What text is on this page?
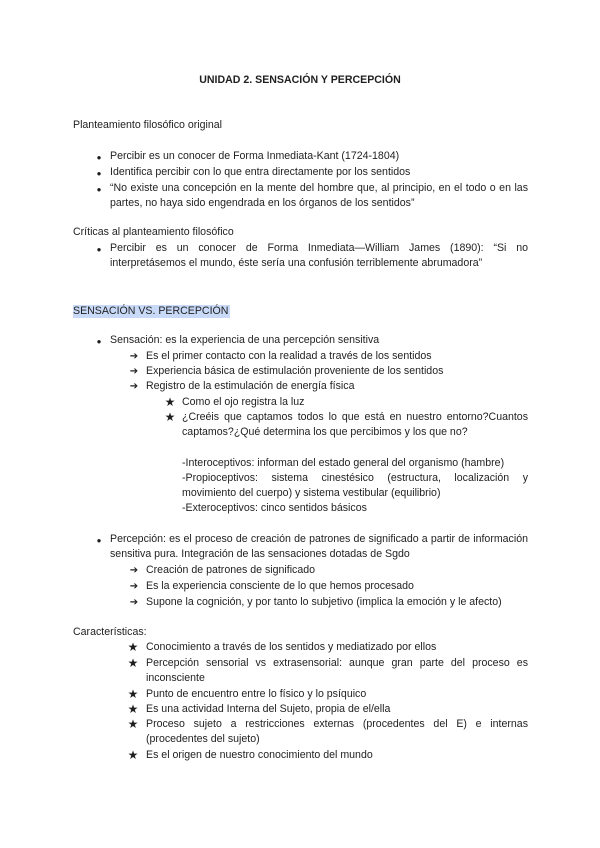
UNIDAD 2. SENSACIÓN Y PERCEPCIÓN
Planteamiento filosófico original
● Percibir es un conocer de Forma Inmediata-Kant (1724-1804)
● Identifica percibir con lo que entra directamente por los sentidos
● “No existe una concepción en la mente del hombre que, al principio, en el todo o en las partes, no haya sido engendrada en los órganos de los sentidos”
Críticas al planteamiento filosófico
● Percibir es un conocer de Forma Inmediata—William James (1890): “Si no interpretásemos el mundo, éste sería una confusión terriblemente abrumadora”
SENSACIÓN VS. PERCEPCIÓN
● Sensación: es la experiencia de una percepción sensitiva
➔ Es el primer contacto con la realidad a través de los sentidos
➔ Experiencia básica de estimulación proveniente de los sentidos
➔ Registro de la estimulación de energía física
★ Como el ojo registra la luz
★ ¿Creéis que captamos todos lo que está en nuestro entorno?Cuantos captamos?¿Qué determina los que percibimos y los que no?
-Interoceptivos: informan del estado general del organismo (hambre)
-Propioceptivos: sistema cinestésico (estructura, localización y movimiento del cuerpo) y sistema vestibular (equilibrio)
-Exteroceptivos: cinco sentidos básicos
● Percepción: es el proceso de creación de patrones de significado a partir de información sensitiva pura. Integración de las sensaciones dotadas de Sgdo
➔ Creación de patrones de significado
➔ Es la experiencia consciente de lo que hemos procesado
➔ Supone la cognición, y por tanto lo subjetivo (implica la emoción y le afecto)
Características:
★ Conocimiento a través de los sentidos y mediatizado por ellos
★ Percepción sensorial vs extrasensorial: aunque gran parte del proceso es inconsciente
★ Punto de encuentro entre lo físico y lo psíquico
★ Es una actividad Interna del Sujeto, propia de el/ella
★ Proceso sujeto a restricciones externas (procedentes del E) e internas (procedentes del sujeto)
★ Es el origen de nuestro conocimiento del mundo
